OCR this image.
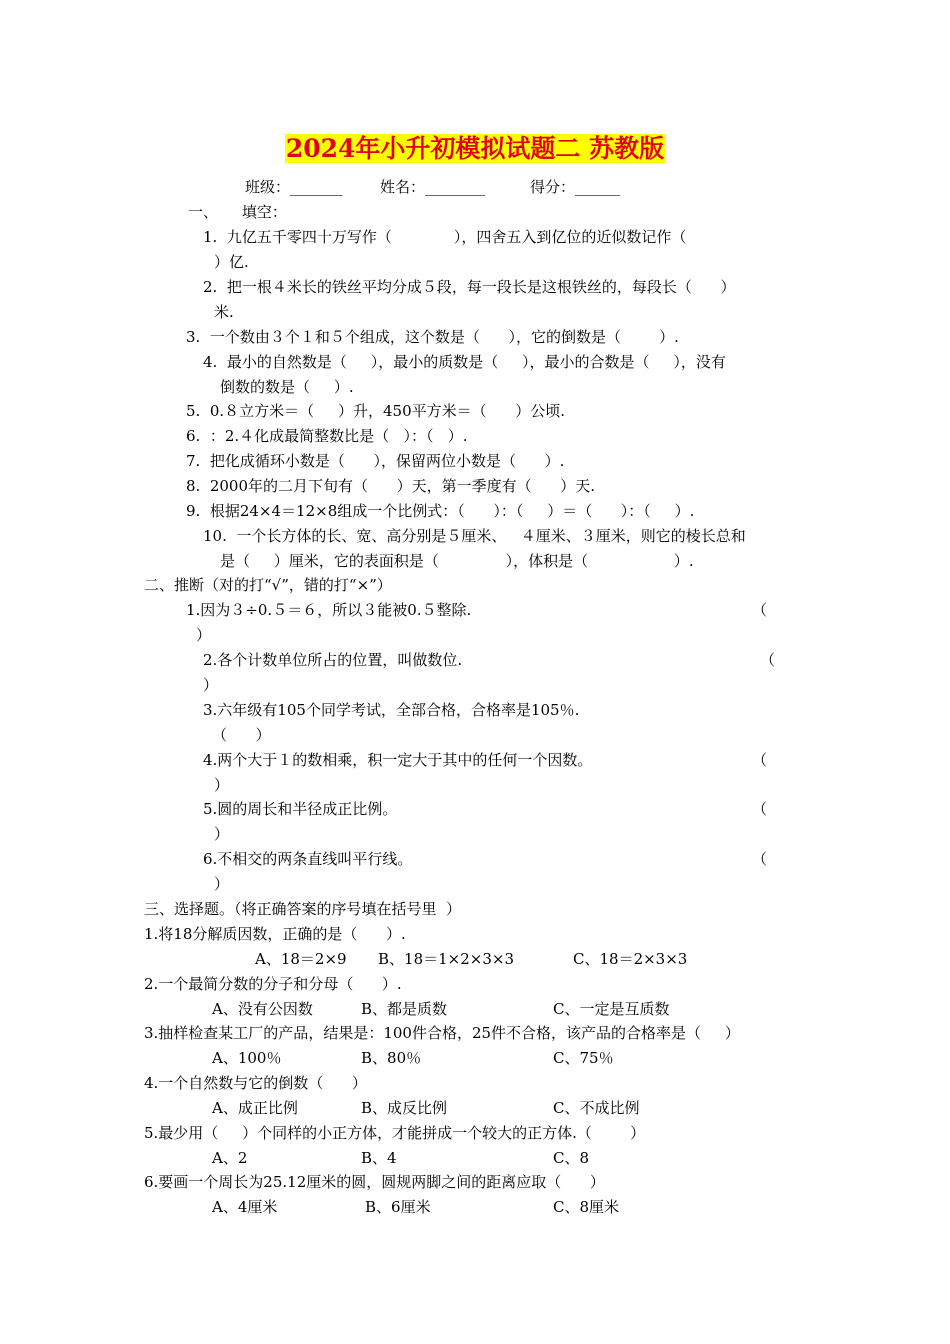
2024年小升初模拟试题二 苏教版
班级：_______ 姓名：________	得分：______
一、     填空：
1.  九亿五千零四十万写作（             ），四舍五入到亿位的近似数记作（
）亿.
2.  把一根４米长的铁丝平均分成５段，每一段长是这根铁丝的，每段长（      ）
米.
3.  一个数由３个１和５个组成，这个数是（      ），它的倒数是（        ）.
4.  最小的自然数是（     ），最小的质数是（     ），最小的合数是（     ），没有
倒数的数是（     ）.
5.  0.８立方米＝（     ）升，450平方米＝（      ）公顷.
6.  ：2.４化成最简整数比是（   ）：（   ）.
7.  把化成循环小数是（      ），保留两位小数是（      ）.
8.  2000年的二月下旬有（      ）天，第一季度有（      ）天.
9.  根据24×4＝12×8组成一个比例式：（      ）：（     ）＝（      ）：（     ）.
10.  一个长方体的长、宽、高分别是５厘米、   ４厘米、３厘米，则它的棱长总和
是（     ）厘米，它的表面积是（              ），体积是（                  ）.
二、推断（对的打“√”，错的打“×”）
1.因为３÷0.５＝６，所以３能被0.５整除.	（
）
2.各个计数单位所占的位置，叫做数位.	（
）
3.六年级有105个同学考试，全部合格，合格率是105％.
（      ）
4.两个大于１的数相乘，积一定大于其中的任何一个因数。	（
）
5.圆的周长和半径成正比例。	（
）
6.不相交的两条直线叫平行线。	（
）
三、选择题。（将正确答案的序号填在括号里  ）
1.将18分解质因数，正确的是（      ）.
A、18＝2×9 B、18＝1×2×3×3	C、18＝2×3×3
2.一个最简分数的分子和分母（      ）.
A、没有公因数	B、都是质数	C、一定是互质数
3.抽样检查某工厂的产品，结果是：100件合格，25件不合格，该产品的合格率是（     ）
A、100％	B、80％	C、75％
4.一个自然数与它的倒数（      ）
A、成正比例	B、成反比例	C、不成比例
5.最少用（     ）个同样的小正方体，才能拼成一个较大的正方体.（        ）
A、2	B、4	C、8
6.要画一个周长为25.12厘米的圆，圆规两脚之间的距离应取（      ）
A、4厘米	B、6厘米	C、8厘米
